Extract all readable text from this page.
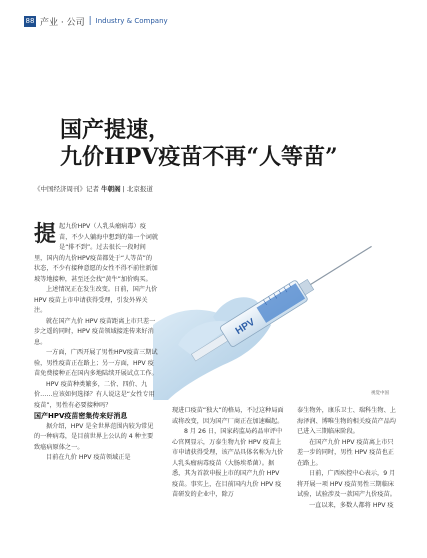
88 产业 · 公司 | Industry & Company
国产提速，
九价HPV疫苗不再“人等苗”
《中国经济周刊》记者 牛朝阁 | 北京报道
HPV
视觉中国

提起九价HPV（人乳头瘤病毒）疫苗，不少人躺海中想到的第一个词就是“排不到”。过去很长一段时间里，国内的九价HPV疫苗都处于“人等苗”的状态，不少有接种意愿的女性不得不前往新加坡等地接种，甚至还会找“黄牛”加价购买。

上述情况正在发生改变。日前，国产九价 HPV 疫苗上市申请获得受理，引发外界关注。

就在国产九价 HPV 疫苗距离上市只差一步之遥的同时，HPV 疫苗领域接连传来好消息。

一方面，广西开展了男性HPV疫苗三期试验，男性疫苗正在路上；另一方面，HPV 疫苗免费接种正在国内多地陆续开展试点工作。

HPV 疫苗种类繁多，二价、四价、九价……应该如何选择？有人说这是“女性专用疫苗”，男性有必要接种吗？

国产HPV疫苗密集传来好消息

据介绍，HPV 是全世界范围内较为常见的一种病毒，是目前世界上公认的 4 种主要致癌病原体之一。

目前在九价 HPV 疫苗领域正是

现进口疫苗“独大”的格局，不过这种局面或将改变，因为国产厂商正在加速崛起。

8 月 26 日，国家药监局药品审评中心官网显示，万泰生物九价 HPV 疫苗上市申请获得受理，该产品具体名称为九价人乳头瘤病毒疫苗（大肠埃希菌）。据悉，其为首款申报上市的国产九价 HPV 疫苗。事实上，在目前国内九价 HPV 疫苗研发的企业中，除万

泰生物外，康乐卫士、瑞科生物、上海泽润、博唯生物的相关疫苗产品均已进入三期临床阶段。

在国产九价 HPV 疫苗离上市只差一步的同时，男性 HPV 疫苗也正在路上。

日前，广西疾控中心表示，9 月将开展一项 HPV 疫苗男性三期临床试验，试验涉及一款国产九价疫苗。

一直以来，多数人都将 HPV 疫
